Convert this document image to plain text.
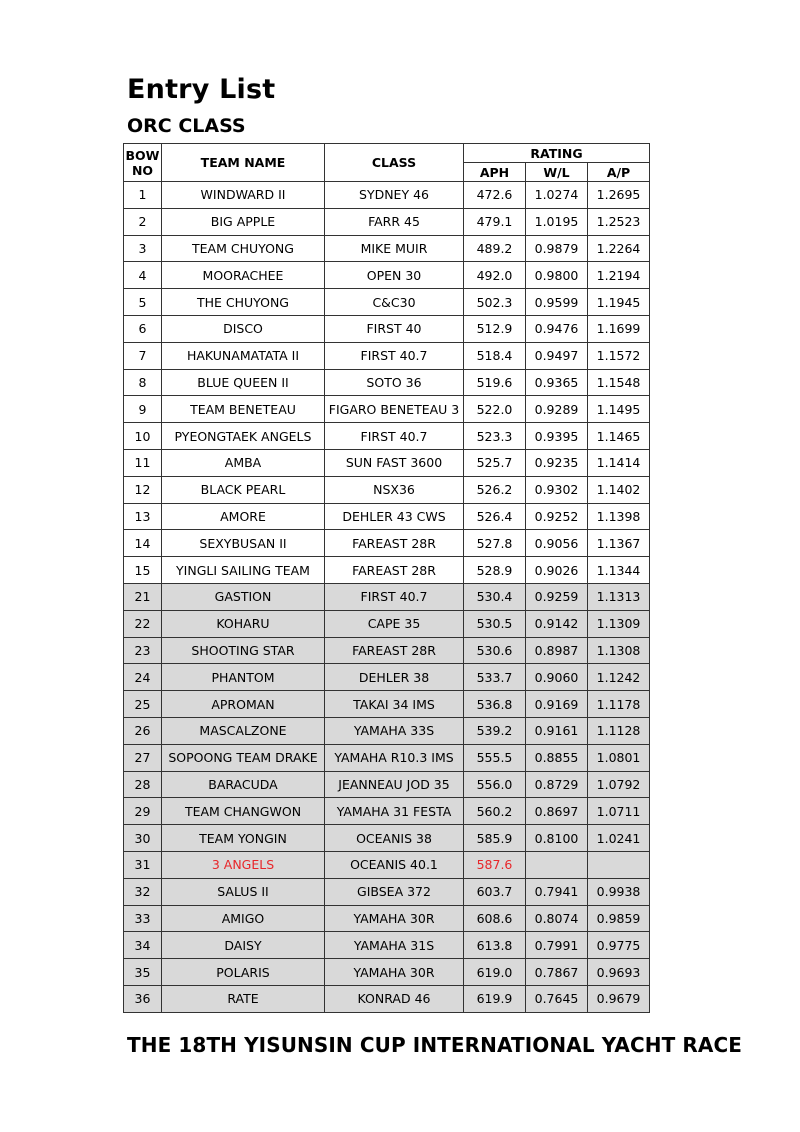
Entry List
ORC CLASS
BOW
NO	TEAM NAME	CLASS	RATING		
			APH	W/L	A/P
1	WINDWARD II	SYDNEY 46	472.6	1.0274	1.2695
2	BIG APPLE	FARR 45	479.1	1.0195	1.2523
3	TEAM CHUYONG	MIKE MUIR	489.2	0.9879	1.2264
4	MOORACHEE	OPEN 30	492.0	0.9800	1.2194
5	THE CHUYONG	C&C30	502.3	0.9599	1.1945
6	DISCO	FIRST 40	512.9	0.9476	1.1699
7	HAKUNAMATATA II	FIRST 40.7	518.4	0.9497	1.1572
8	BLUE QUEEN II	SOTO 36	519.6	0.9365	1.1548
9	TEAM BENETEAU	FIGARO BENETEAU 3	522.0	0.9289	1.1495
10	PYEONGTAEK ANGELS	FIRST 40.7	523.3	0.9395	1.1465
11	AMBA	SUN FAST 3600	525.7	0.9235	1.1414
12	BLACK PEARL	NSX36	526.2	0.9302	1.1402
13	AMORE	DEHLER 43 CWS	526.4	0.9252	1.1398
14	SEXYBUSAN II	FAREAST 28R	527.8	0.9056	1.1367
15	YINGLI SAILING TEAM	FAREAST 28R	528.9	0.9026	1.1344
21	GASTION	FIRST 40.7	530.4	0.9259	1.1313
22	KOHARU	CAPE 35	530.5	0.9142	1.1309
23	SHOOTING STAR	FAREAST 28R	530.6	0.8987	1.1308
24	PHANTOM	DEHLER 38	533.7	0.9060	1.1242
25	APROMAN	TAKAI 34 IMS	536.8	0.9169	1.1178
26	MASCALZONE	YAMAHA 33S	539.2	0.9161	1.1128
27	SOPOONG TEAM DRAKE	YAMAHA R10.3 IMS	555.5	0.8855	1.0801
28	BARACUDA	JEANNEAU JOD 35	556.0	0.8729	1.0792
29	TEAM CHANGWON	YAMAHA 31 FESTA	560.2	0.8697	1.0711
30	TEAM YONGIN	OCEANIS 38	585.9	0.8100	1.0241
31	3 ANGELS	OCEANIS 40.1	587.6		
32	SALUS II	GIBSEA 372	603.7	0.7941	0.9938
33	AMIGO	YAMAHA 30R	608.6	0.8074	0.9859
34	DAISY	YAMAHA 31S	613.8	0.7991	0.9775
35	POLARIS	YAMAHA 30R	619.0	0.7867	0.9693
36	RATE	KONRAD 46	619.9	0.7645	0.9679
THE 18TH YISUNSIN CUP INTERNATIONAL YACHT RACE
